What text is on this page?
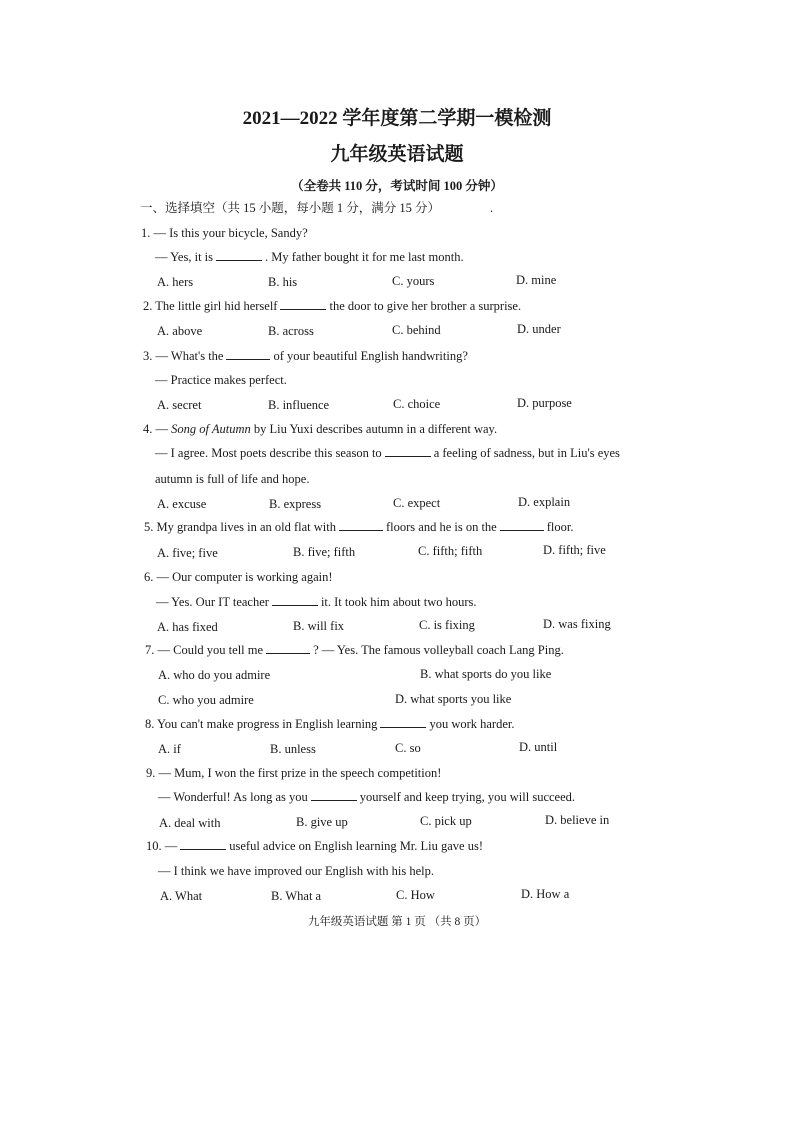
2021—2022 学年度第二学期一模检测
九年级英语试题
（全卷共 110 分，考试时间 100 分钟）
一、选择填空（共 15 小题，每小题 1 分，满分 15 分）	.
1. — Is this your bicycle, Sandy?
— Yes, it is	. My father bought it for me last month.
A. hers	B. his	C. yours	D. mine
2. The little girl hid herself	the door to give her brother a surprise.
A. above	B. across	C. behind	D. under
3. — What's the	of your beautiful English handwriting?
— Practice makes perfect.
A. secret	B. influence	C. choice	D. purpose
4. — Song of Autumn by Liu Yuxi describes autumn in a different way.
— I agree. Most poets describe this season to	a feeling of sadness, but in Liu's eyes
autumn is full of life and hope.
A. excuse	B. express	C. expect	D. explain
5. My grandpa lives in an old flat with	floors and he is on the	floor.
A. five; five	B. five; fifth	C. fifth; fifth	D. fifth; five
6. — Our computer is working again!
— Yes. Our IT teacher	it. It took him about two hours.
A. has fixed	B. will fix	C. is fixing	D. was fixing
7. — Could you tell me	? — Yes. The famous volleyball coach Lang Ping.
A. who do you admire	B. what sports do you like
C. who you admire	D. what sports you like
8. You can't make progress in English learning	you work harder.
A. if	B. unless	C. so	D. until
9. — Mum, I won the first prize in the speech competition!
— Wonderful! As long as you	yourself and keep trying, you will succeed.
A. deal with	B. give up	C. pick up	D. believe in
10. —	useful advice on English learning Mr. Liu gave us!
— I think we have improved our English with his help.
A. What	B. What a	C. How	D. How a
九年级英语试题 第 1 页 （共 8 页）
